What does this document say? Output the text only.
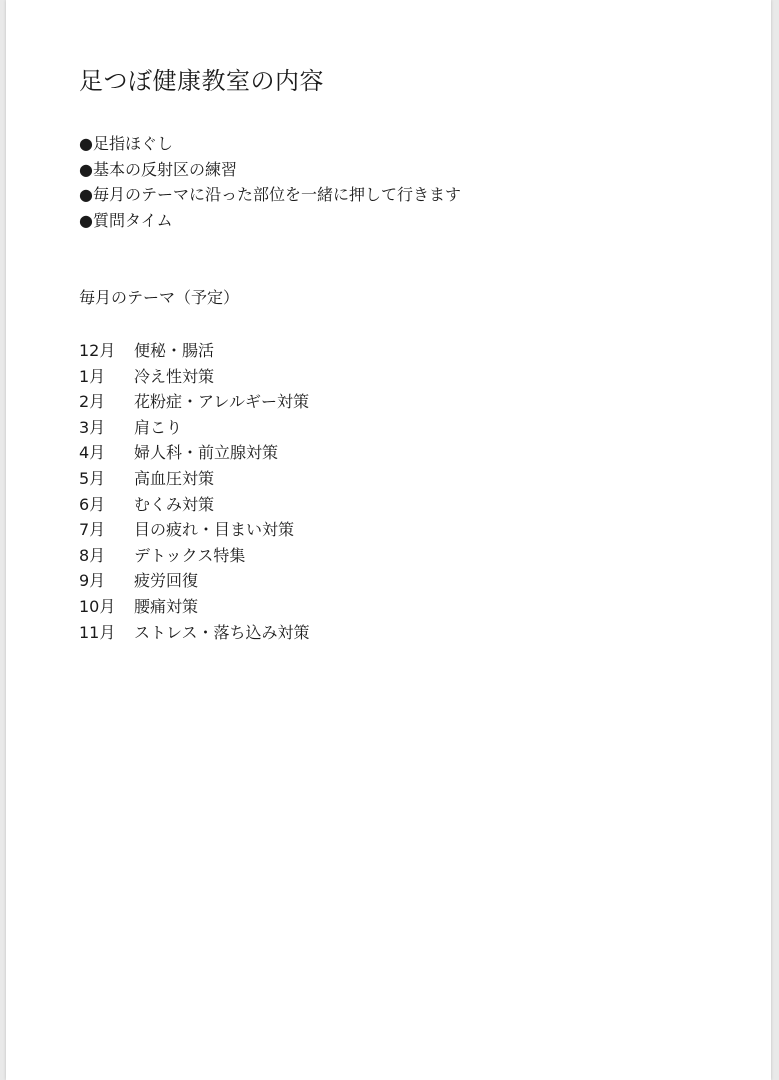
足つぼ健康教室の内容
●足指ほぐし
●基本の反射区の練習
●毎月のテーマに沿った部位を一緒に押して行きます
●質問タイム
毎月のテーマ（予定）
12月	便秘・腸活
1月	冷え性対策
2月	花粉症・アレルギー対策
3月	肩こり
4月	婦人科・前立腺対策
5月	高血圧対策
6月	むくみ対策
7月	目の疲れ・目まい対策
8月	デトックス特集
9月	疲労回復
10月	腰痛対策
11月	ストレス・落ち込み対策
